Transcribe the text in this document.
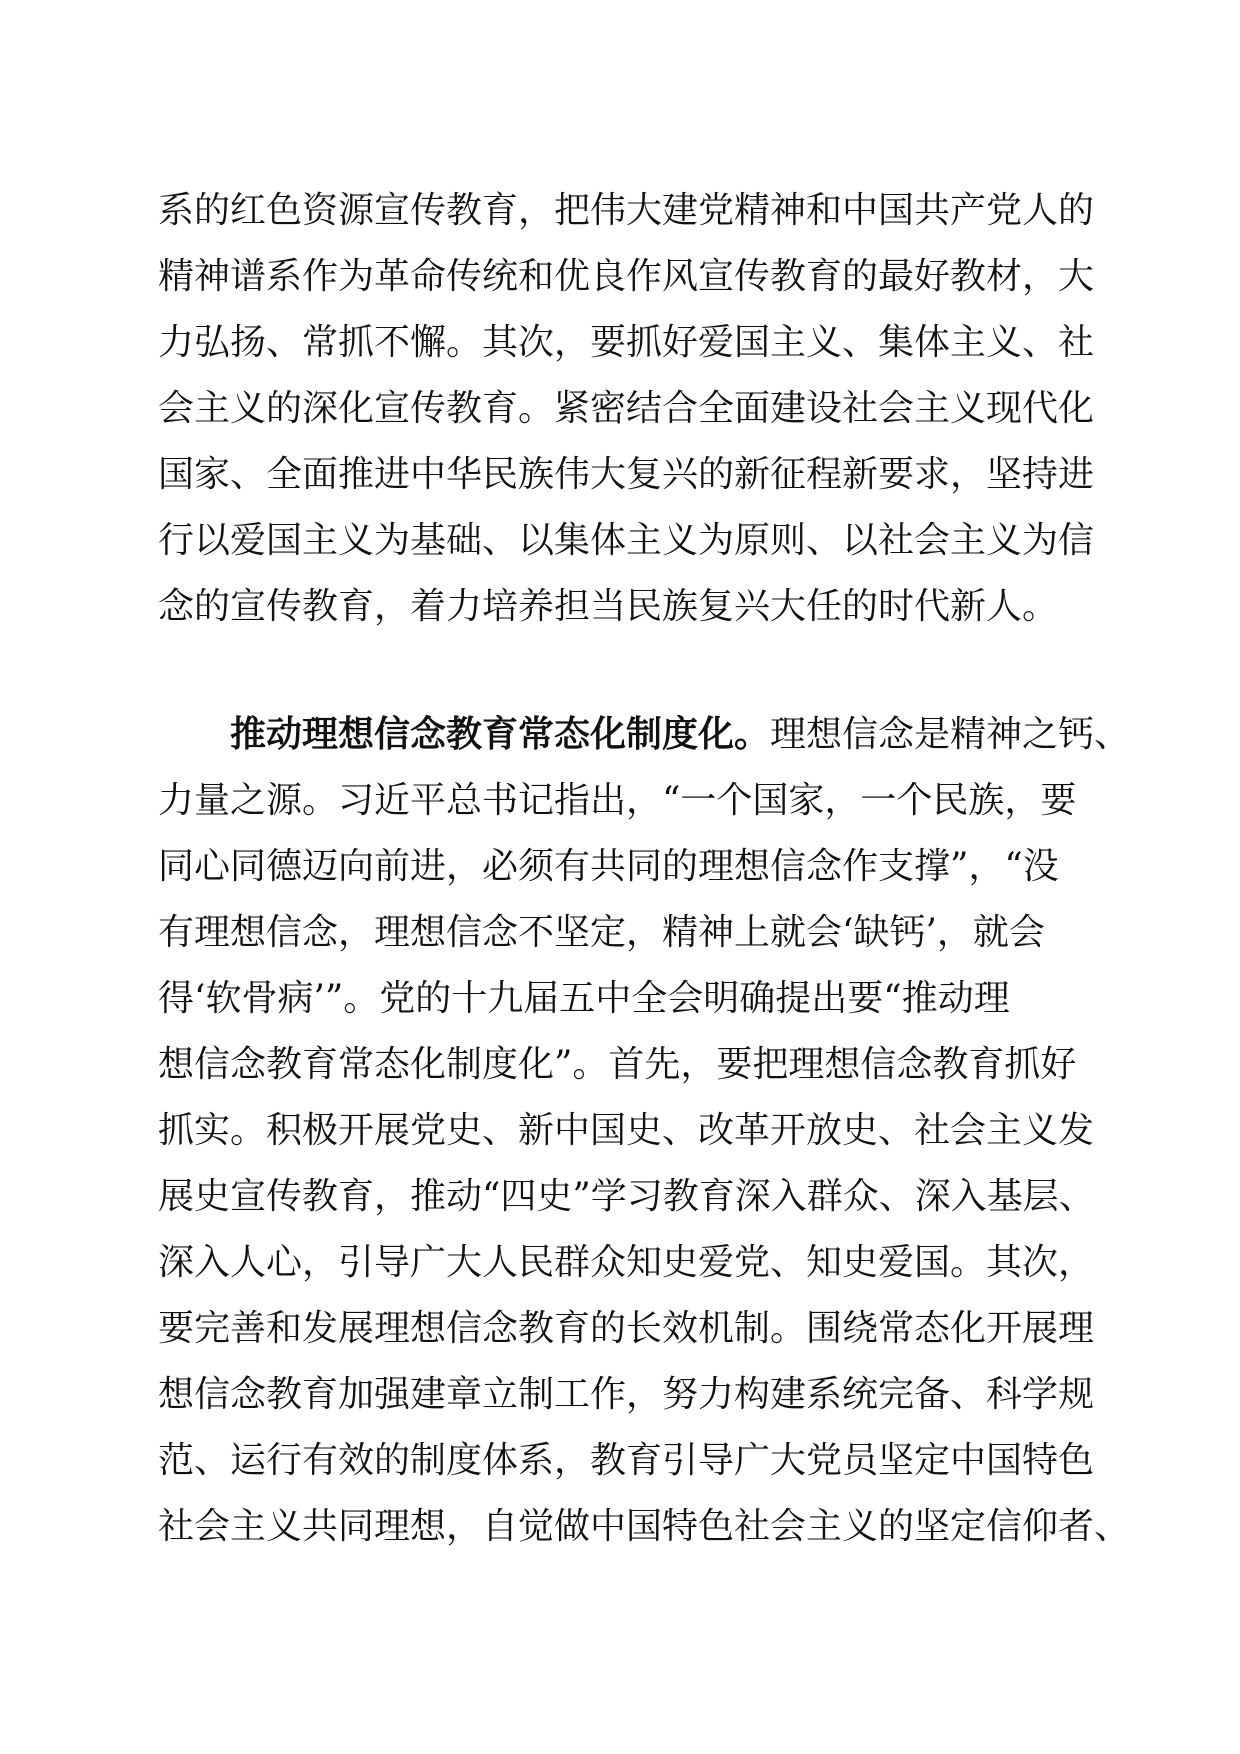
系的红色资源宣传教育，把伟大建党精神和中国共产党人的
精神谱系作为革命传统和优良作风宣传教育的最好教材，大
力弘扬、常抓不懈。其次，要抓好爱国主义、集体主义、社
会主义的深化宣传教育。紧密结合全面建设社会主义现代化
国家、全面推进中华民族伟大复兴的新征程新要求，坚持进
行以爱国主义为基础、以集体主义为原则、以社会主义为信
念的宣传教育，着力培养担当民族复兴大任的时代新人。
推动理想信念教育常态化制度化。理想信念是精神之钙、
力量之源。习近平总书记指出，“一个国家，一个民族，要
同心同德迈向前进，必须有共同的理想信念作支撑”，“没
有理想信念，理想信念不坚定，精神上就会‘缺钙’，就会
得‘软骨病’”。党的十九届五中全会明确提出要“推动理
想信念教育常态化制度化”。首先，要把理想信念教育抓好
抓实。积极开展党史、新中国史、改革开放史、社会主义发
展史宣传教育，推动“四史”学习教育深入群众、深入基层、
深入人心，引导广大人民群众知史爱党、知史爱国。其次，
要完善和发展理想信念教育的长效机制。围绕常态化开展理
想信念教育加强建章立制工作，努力构建系统完备、科学规
范、运行有效的制度体系，教育引导广大党员坚定中国特色
社会主义共同理想，自觉做中国特色社会主义的坚定信仰者、
